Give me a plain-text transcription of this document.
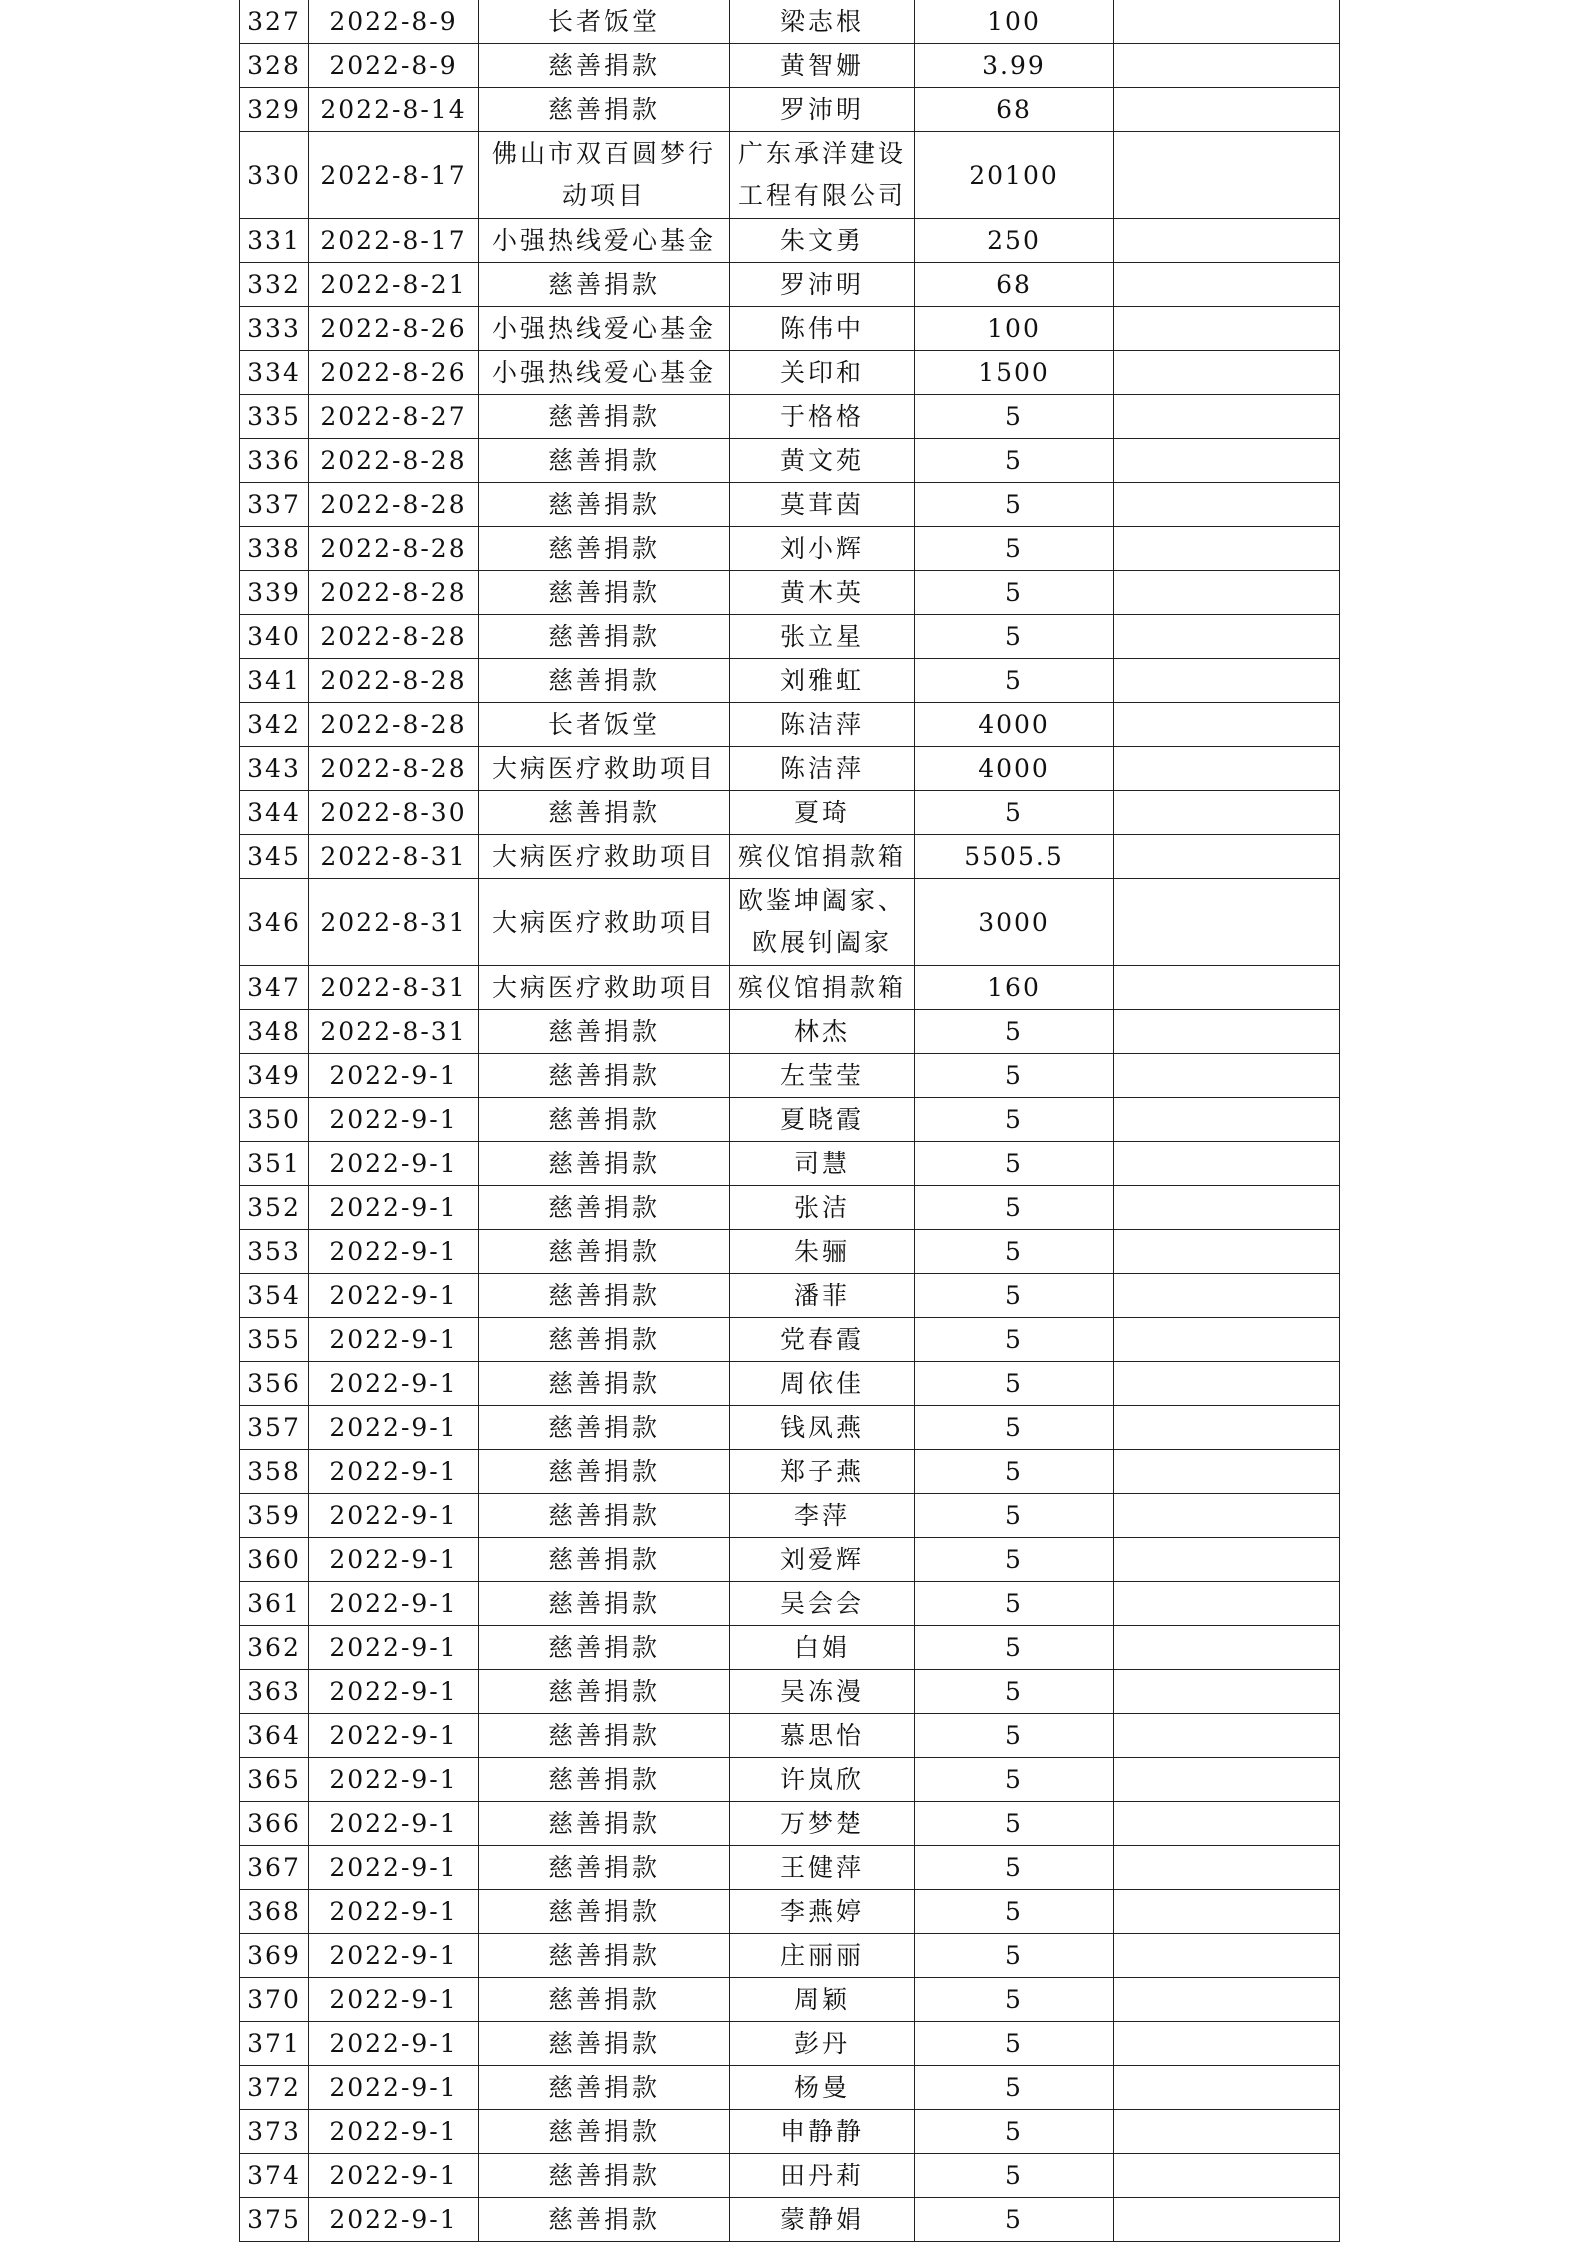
327	2022-8-9	长者饭堂	梁志根	100	
328	2022-8-9	慈善捐款	黄智姗	3.99	
329	2022-8-14	慈善捐款	罗沛明	68	
330	2022-8-17	佛山市双百圆梦行动项目	广东承洋建设工程有限公司	20100	
331	2022-8-17	小强热线爱心基金	朱文勇	250	
332	2022-8-21	慈善捐款	罗沛明	68	
333	2022-8-26	小强热线爱心基金	陈伟中	100	
334	2022-8-26	小强热线爱心基金	关印和	1500	
335	2022-8-27	慈善捐款	于格格	5	
336	2022-8-28	慈善捐款	黄文苑	5	
337	2022-8-28	慈善捐款	莫茸茵	5	
338	2022-8-28	慈善捐款	刘小辉	5	
339	2022-8-28	慈善捐款	黄木英	5	
340	2022-8-28	慈善捐款	张立星	5	
341	2022-8-28	慈善捐款	刘雅虹	5	
342	2022-8-28	长者饭堂	陈洁萍	4000	
343	2022-8-28	大病医疗救助项目	陈洁萍	4000	
344	2022-8-30	慈善捐款	夏琦	5	
345	2022-8-31	大病医疗救助项目	殡仪馆捐款箱	5505.5	
346	2022-8-31	大病医疗救助项目	欧鉴坤阖家、欧展钊阖家	3000	
347	2022-8-31	大病医疗救助项目	殡仪馆捐款箱	160	
348	2022-8-31	慈善捐款	林杰	5	
349	2022-9-1	慈善捐款	左莹莹	5	
350	2022-9-1	慈善捐款	夏晓霞	5	
351	2022-9-1	慈善捐款	司慧	5	
352	2022-9-1	慈善捐款	张洁	5	
353	2022-9-1	慈善捐款	朱骊	5	
354	2022-9-1	慈善捐款	潘菲	5	
355	2022-9-1	慈善捐款	党春霞	5	
356	2022-9-1	慈善捐款	周依佳	5	
357	2022-9-1	慈善捐款	钱凤燕	5	
358	2022-9-1	慈善捐款	郑子燕	5	
359	2022-9-1	慈善捐款	李萍	5	
360	2022-9-1	慈善捐款	刘爱辉	5	
361	2022-9-1	慈善捐款	吴会会	5	
362	2022-9-1	慈善捐款	白娟	5	
363	2022-9-1	慈善捐款	吴冻漫	5	
364	2022-9-1	慈善捐款	慕思怡	5	
365	2022-9-1	慈善捐款	许岚欣	5	
366	2022-9-1	慈善捐款	万梦楚	5	
367	2022-9-1	慈善捐款	王健萍	5	
368	2022-9-1	慈善捐款	李燕婷	5	
369	2022-9-1	慈善捐款	庄丽丽	5	
370	2022-9-1	慈善捐款	周颖	5	
371	2022-9-1	慈善捐款	彭丹	5	
372	2022-9-1	慈善捐款	杨曼	5	
373	2022-9-1	慈善捐款	申静静	5	
374	2022-9-1	慈善捐款	田丹莉	5	
375	2022-9-1	慈善捐款	蒙静娟	5	
